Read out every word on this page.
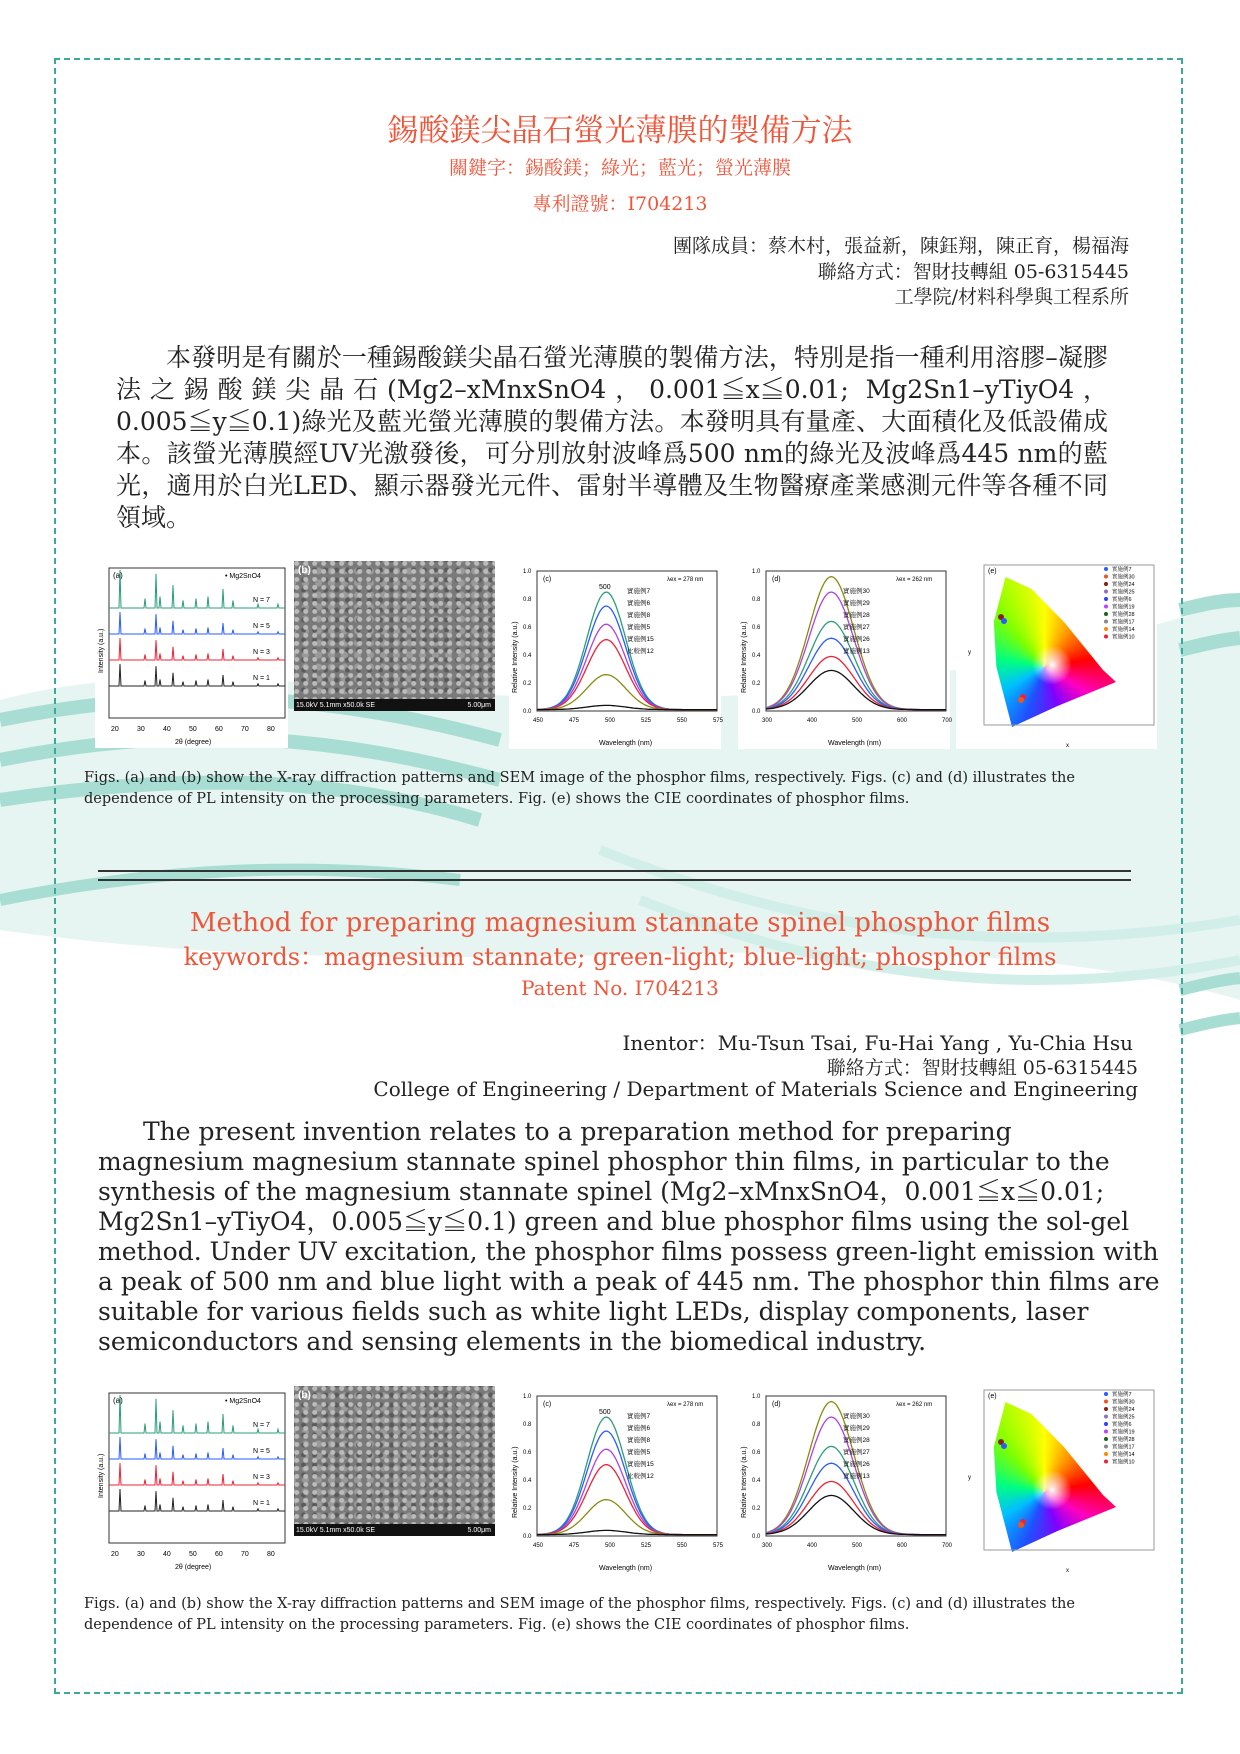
錫酸鎂尖晶石螢光薄膜的製備方法
關鍵字：錫酸鎂；綠光；藍光；螢光薄膜
專利證號：I704213
團隊成員：蔡木村，張益新，陳鈺翔，陳正育，楊福海
聯絡方式：智財技轉組 05-6315445
工學院/材料科學與工程系所
本發明是有關於一種錫酸鎂尖晶石螢光薄膜的製備方法，特別是指一種利用溶膠–凝膠法之錫酸鎂尖晶石(Mg2–xMnxSnO4，0.001≦x≦0.01; Mg2Sn1–yTiyO4，0.005≦y≦0.1)綠光及藍光螢光薄膜的製備方法。本發明具有量產、大面積化及低設備成本。該螢光薄膜經UV光激發後，可分別放射波峰爲500 nm的綠光及波峰爲445 nm的藍光，適用於白光LED、顯示器發光元件、雷射半導體及生物醫療產業感測元件等各種不同領域。
(a)	• Mg2SnO4
Intensity (a.u.)
2θ (degree)
20	30	40	50	60	70	80
N = 7
N = 5
N = 3
N = 1
(b)
15.0kV 5.1mm x50.0k SE	5.00μm
(c)	λex = 278 nm
500
Relative Intensity (a.u.)
Wavelength (nm)
0.0
0.2
0.4
0.6
0.8
1.0
450	475	500	525	550	575
實施例7
實施例6
實施例8
實施例5
實施例15
比較例12
(d)	λex = 262 nm
Relative Intensity (a.u.)
Wavelength (nm)
0.0
0.2
0.4
0.6
0.8
1.0
300	400	500	600	700
實施例30
實施例29
實施例28
實施例27
實施例26
實施例13
(e)
y
x
實施例7
實施例30
實施例24
實施例25
實施例6
實施例19
實施例28
實施例17
實施例14
實施例10
Figs. (a) and (b) show the X-ray diffraction patterns and SEM image of the phosphor films, respectively. Figs. (c) and (d) illustrates the dependence of PL intensity on the processing parameters. Fig. (e) shows the CIE coordinates of phosphor films.
Method for preparing magnesium stannate spinel phosphor films
keywords：magnesium stannate; green-light; blue-light; phosphor films
Patent No. I704213
Inentor：Mu-Tsun Tsai, Fu-Hai Yang , Yu-Chia Hsu
聯絡方式：智財技轉組 05-6315445
College of Engineering / Department of Materials Science and Engineering
The present invention relates to a preparation method for preparing magnesium magnesium stannate spinel phosphor thin films, in particular to the synthesis of the magnesium stannate spinel (Mg2–xMnxSnO4，0.001≦x≦0.01; Mg2Sn1–yTiyO4，0.005≦y≦0.1) green and blue phosphor films using the sol-gel method. Under UV excitation, the phosphor films possess green-light emission with a peak of 500 nm and blue light with a peak of 445 nm. The phosphor thin films are suitable for various fields such as white light LEDs, display components, laser semiconductors and sensing elements in the biomedical industry.
(a)	• Mg2SnO4
Intensity (a.u.)
2θ (degree)
20	30	40	50	60	70	80
N = 7
N = 5
N = 3
N = 1
(b)
15.0kV 5.1mm x50.0k SE	5.00μm
(c)	λex = 278 nm
500
Relative Intensity (a.u.)
Wavelength (nm)
0.0
0.2
0.4
0.6
0.8
1.0
450	475	500	525	550	575
實施例7
實施例6
實施例8
實施例5
實施例15
比較例12
(d)	λex = 262 nm
Relative Intensity (a.u.)
Wavelength (nm)
0.0
0.2
0.4
0.6
0.8
1.0
300	400	500	600	700
實施例30
實施例29
實施例28
實施例27
實施例26
實施例13
(e)
y
x
實施例7
實施例30
實施例24
實施例25
實施例6
實施例19
實施例28
實施例17
實施例14
實施例10
Figs. (a) and (b) show the X-ray diffraction patterns and SEM image of the phosphor films, respectively. Figs. (c) and (d) illustrates the dependence of PL intensity on the processing parameters. Fig. (e) shows the CIE coordinates of phosphor films.
